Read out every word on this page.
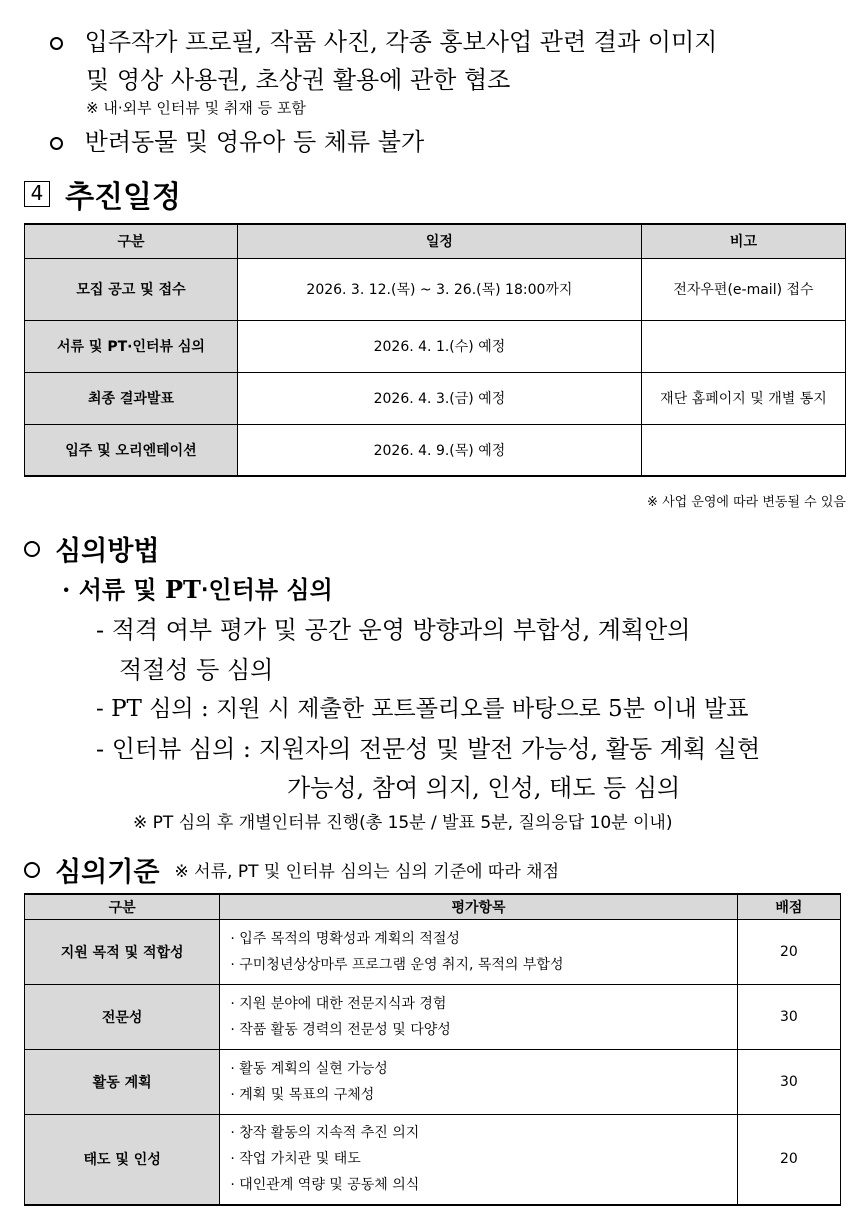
입주작가 프로필, 작품 사진, 각종 홍보사업 관련 결과 이미지
및 영상 사용권, 초상권 활용에 관한 협조
※ 내‧외부 인터뷰 및 취재 등 포함
반려동물 및 영유아 등 체류 불가
4 추진일정
구분	일정	비고
모집 공고 및 접수	2026. 3. 12.(목) ~ 3. 26.(목) 18:00까지	전자우편(e-mail) 접수
서류 및 PT·인터뷰 심의	2026. 4. 1.(수) 예정	
최종 결과발표	2026. 4. 3.(금) 예정	재단 홈페이지 및 개별 통지
입주 및 오리엔테이션	2026. 4. 9.(목) 예정	
※ 사업 운영에 따라 변동될 수 있음
심의방법
· 서류 및 PT‧인터뷰 심의
- 적격 여부 평가 및 공간 운영 방향과의 부합성, 계획안의
적절성 등 심의
- PT 심의 : 지원 시 제출한 포트폴리오를 바탕으로 5분 이내 발표
- 인터뷰 심의 : 지원자의 전문성 및 발전 가능성, 활동 계획 실현
가능성, 참여 의지, 인성, 태도 등 심의
※ PT 심의 후 개별인터뷰 진행(총 15분 / 발표 5분, 질의응답 10분 이내)
심의기준 ※ 서류, PT 및 인터뷰 심의는 심의 기준에 따라 채점
구분	평가항목	배점
지원 목적 및 적합성	· 입주 목적의 명확성과 계획의 적절성
· 구미청년상상마루 프로그램 운영 취지, 목적의 부합성	20
전문성	· 지원 분야에 대한 전문지식과 경험
· 작품 활동 경력의 전문성 및 다양성	30
활동 계획	· 활동 계획의 실현 가능성
· 계획 및 목표의 구체성	30
태도 및 인성	· 창작 활동의 지속적 추진 의지
· 작업 가치관 및 태도
· 대인관계 역량 및 공동체 의식	20
